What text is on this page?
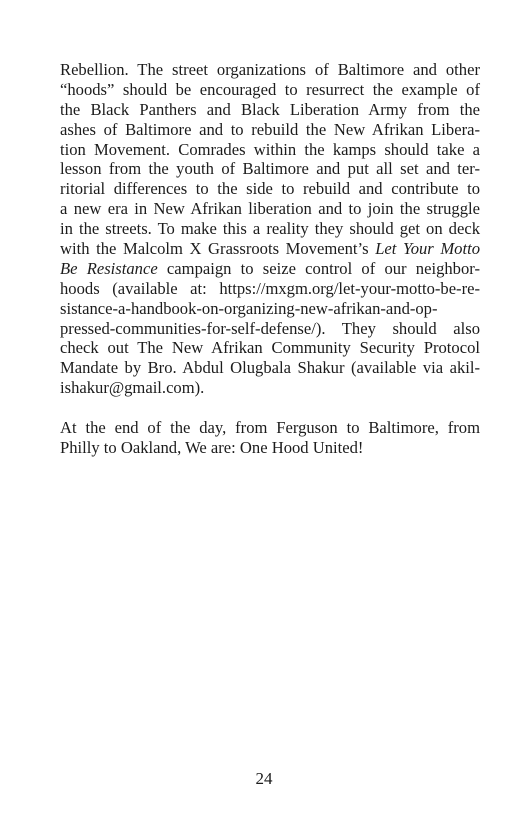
Rebellion. The street organizations of Baltimore and other
“hoods” should be encouraged to resurrect the example of
the Black Panthers and Black Liberation Army from the
ashes of Baltimore and to rebuild the New Afrikan Libera-
tion Movement. Comrades within the kamps should take a
lesson from the youth of Baltimore and put all set and ter-
ritorial differences to the side to rebuild and contribute to
a new era in New Afrikan liberation and to join the struggle
in the streets. To make this a reality they should get on deck
with the Malcolm X Grassroots Movement’s Let Your Motto
Be Resistance campaign to seize control of our neighbor-
hoods (available at: https://mxgm.org/let-your-motto-be-re-
sistance-a-handbook-on-organizing-new-afrikan-and-op-
pressed-communities-for-self-defense/). They should also
check out The New Afrikan Community Security Protocol
Mandate by Bro. Abdul Olugbala Shakur (available via akil-
ishakur@gmail.com).
At the end of the day, from Ferguson to Baltimore, from
Philly to Oakland, We are: One Hood United!
24
